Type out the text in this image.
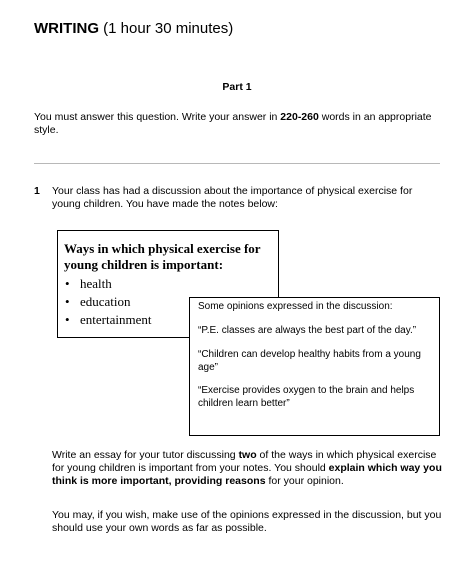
WRITING (1 hour 30 minutes)
Part 1
You must answer this question. Write your answer in 220-260 words in an appropriate style.
1 Your class has had a discussion about the importance of physical exercise for young children. You have made the notes below:
Ways in which physical exercise for young children is important:
• health
• education
• entertainment

Some opinions expressed in the discussion:

“P.E. classes are always the best part of the day.”

“Children can develop healthy habits from a young age”

“Exercise provides oxygen to the brain and helps children learn better”

Write an essay for your tutor discussing two of the ways in which physical exercise for young children is important from your notes. You should explain which way you think is more important, providing reasons for your opinion.
You may, if you wish, make use of the opinions expressed in the discussion, but you should use your own words as far as possible.
